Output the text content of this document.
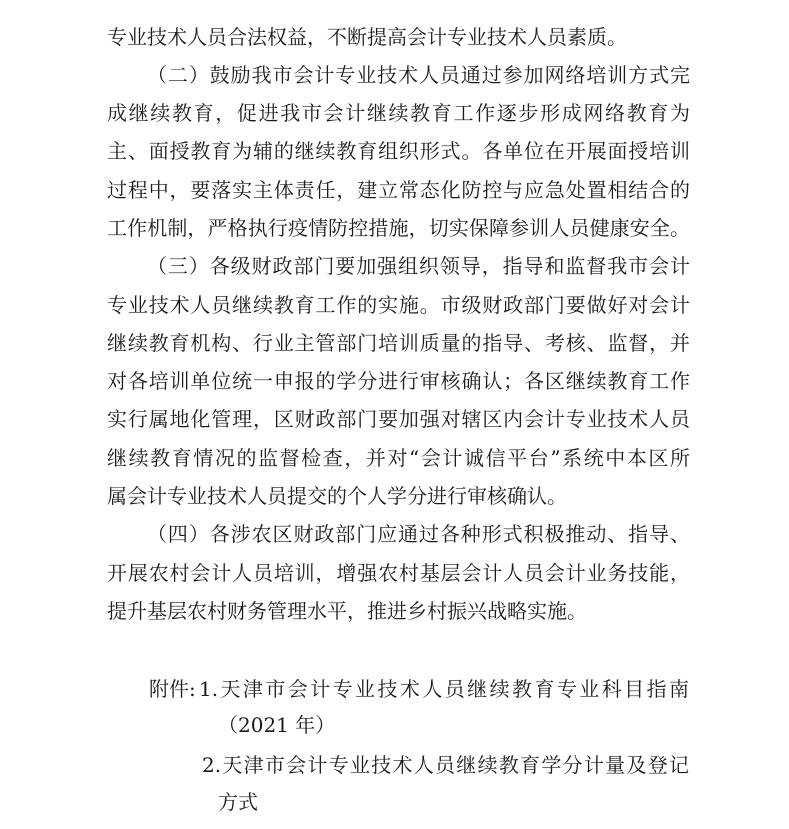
专业技术人员合法权益，不断提高会计专业技术人员素质。
（二）鼓励我市会计专业技术人员通过参加网络培训方式完
成继续教育，促进我市会计继续教育工作逐步形成网络教育为
主、面授教育为辅的继续教育组织形式。各单位在开展面授培训
过程中，要落实主体责任，建立常态化防控与应急处置相结合的
工作机制，严格执行疫情防控措施，切实保障参训人员健康安全。
（三）各级财政部门要加强组织领导，指导和监督我市会计
专业技术人员继续教育工作的实施。市级财政部门要做好对会计
继续教育机构、行业主管部门培训质量的指导、考核、监督，并
对各培训单位统一申报的学分进行审核确认；各区继续教育工作
实行属地化管理，区财政部门要加强对辖区内会计专业技术人员
继续教育情况的监督检查，并对“会计诚信平台”系统中本区所
属会计专业技术人员提交的个人学分进行审核确认。
（四）各涉农区财政部门应通过各种形式积极推动、指导、
开展农村会计人员培训，增强农村基层会计人员会计业务技能，
提升基层农村财务管理水平，推进乡村振兴战略实施。
附件: 1.天津市会计专业技术人员继续教育专业科目指南
（2021 年）
2.天津市会计专业技术人员继续教育学分计量及登记
方式
